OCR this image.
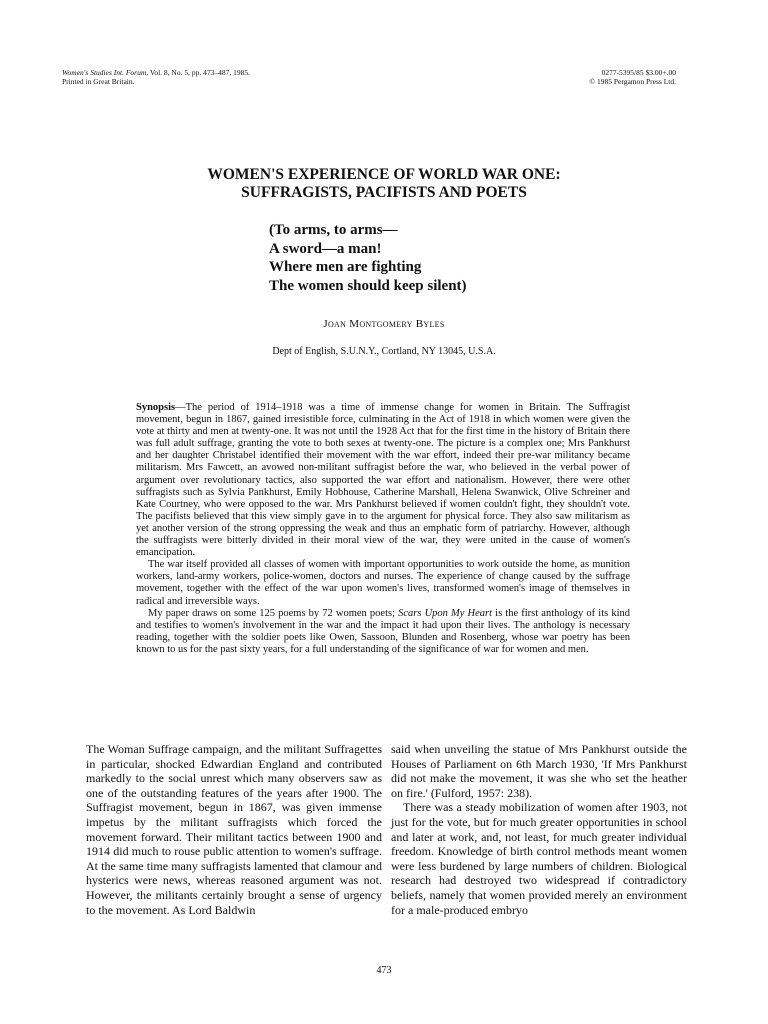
Women's Studies Int. Forum, Vol. 8, No. 5, pp. 473–487, 1985.
Printed in Great Britain.
0277-5395/85 $3.00+.00
© 1985 Pergamon Press Ltd.
WOMEN'S EXPERIENCE OF WORLD WAR ONE:
SUFFRAGISTS, PACIFISTS AND POETS
(To arms, to arms—
A sword—a man!
Where men are fighting
The women should keep silent)
Joan Montgomery Byles
Dept of English, S.U.N.Y., Cortland, NY 13045, U.S.A.

Synopsis—The period of 1914–1918 was a time of immense change for women in Britain. The Suffragist movement, begun in 1867, gained irresistible force, culminating in the Act of 1918 in which women were given the vote at thirty and men at twenty-one. It was not until the 1928 Act that for the first time in the history of Britain there was full adult suffrage, granting the vote to both sexes at twenty-one. The picture is a complex one; Mrs Pankhurst and her daughter Christabel identified their movement with the war effort, indeed their pre-war militancy became militarism. Mrs Fawcett, an avowed non-militant suffragist before the war, who believed in the verbal power of argument over revolutionary tactics, also supported the war effort and nationalism. However, there were other suffragists such as Sylvia Pankhurst, Emily Hobhouse, Catherine Marshall, Helena Swanwick, Olive Schreiner and Kate Courtney, who were opposed to the war. Mrs Pankhurst believed if women couldn't fight, they shouldn't vote. The pacifists believed that this view simply gave in to the argument for physical force. They also saw militarism as yet another version of the strong oppressing the weak and thus an emphatic form of patriarchy. However, although the suffragists were bitterly divided in their moral view of the war, they were united in the cause of women's emancipation.

The war itself provided all classes of women with important opportunities to work outside the home, as munition workers, land-army workers, police-women, doctors and nurses. The experience of change caused by the suffrage movement, together with the effect of the war upon women's lives, transformed women's image of themselves in radical and irreversible ways.

My paper draws on some 125 poems by 72 women poets; Scars Upon My Heart is the first anthology of its kind and testifies to women's involvement in the war and the impact it had upon their lives. The anthology is necessary reading, together with the soldier poets like Owen, Sassoon, Blunden and Rosenberg, whose war poetry has been known to us for the past sixty years, for a full understanding of the significance of war for women and men.

The Woman Suffrage campaign, and the militant Suffragettes in particular, shocked Edwardian England and contributed markedly to the social unrest which many observers saw as one of the outstanding features of the years after 1900. The Suffragist movement, begun in 1867, was given immense impetus by the militant suffragists which forced the movement forward. Their militant tactics between 1900 and 1914 did much to rouse public attention to women's suffrage. At the same time many suffragists lamented that clamour and hysterics were news, whereas reasoned argument was not. However, the militants certainly brought a sense of urgency to the movement. As Lord Baldwin

said when unveiling the statue of Mrs Pankhurst outside the Houses of Parliament on 6th March 1930, 'If Mrs Pankhurst did not make the movement, it was she who set the heather on fire.' (Fulford, 1957: 238).

There was a steady mobilization of women after 1903, not just for the vote, but for much greater opportunities in school and later at work, and, not least, for much greater individual freedom. Knowledge of birth control methods meant women were less burdened by large numbers of children. Biological research had destroyed two widespread if contradictory beliefs, namely that women provided merely an environment for a male-produced embryo

473
